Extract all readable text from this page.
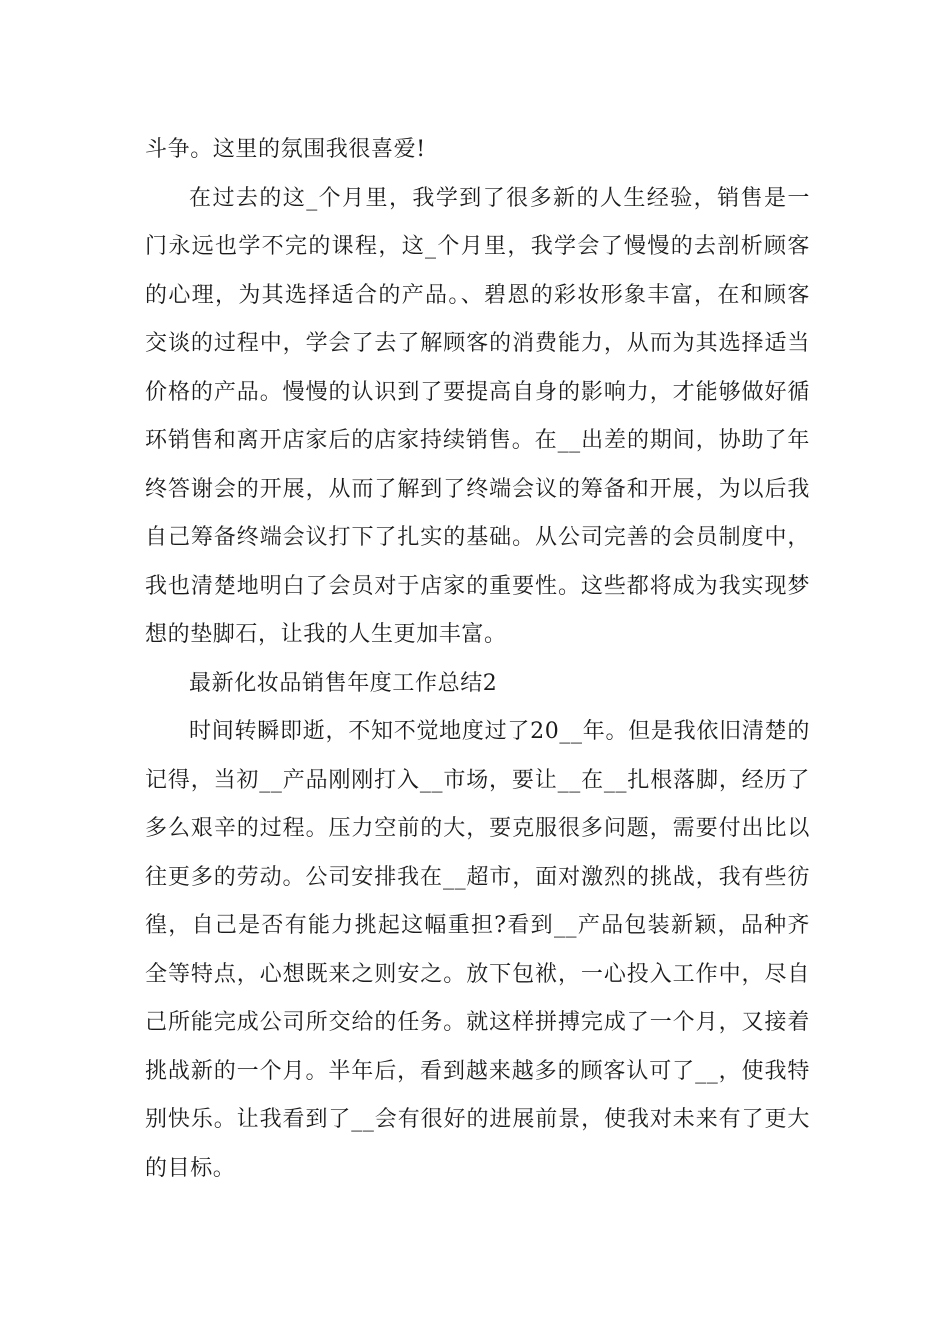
斗争。这里的氛围我很喜爱!

在过去的这_个月里，我学到了很多新的人生经验，销售是一门永远也学不完的课程，这_个月里，我学会了慢慢的去剖析顾客的心理，为其选择适合的产品。、碧恩的彩妆形象丰富，在和顾客交谈的过程中，学会了去了解顾客的消费能力，从而为其选择适当价格的产品。慢慢的认识到了要提高自身的影响力，才能够做好循环销售和离开店家后的店家持续销售。在__出差的期间，协助了年终答谢会的开展，从而了解到了终端会议的筹备和开展，为以后我自己筹备终端会议打下了扎实的基础。从公司完善的会员制度中，我也清楚地明白了会员对于店家的重要性。这些都将成为我实现梦想的垫脚石，让我的人生更加丰富。

最新化妆品销售年度工作总结2

时间转瞬即逝，不知不觉地度过了20__年。但是我依旧清楚的记得，当初__产品刚刚打入__市场，要让__在__扎根落脚，经历了多么艰辛的过程。压力空前的大，要克服很多问题，需要付出比以往更多的劳动。公司安排我在__超市，面对激烈的挑战，我有些彷徨，自己是否有能力挑起这幅重担?看到__产品包装新颖，品种齐全等特点，心想既来之则安之。放下包袱，一心投入工作中，尽自己所能完成公司所交给的任务。就这样拼搏完成了一个月，又接着挑战新的一个月。半年后，看到越来越多的顾客认可了__，使我特别快乐。让我看到了__会有很好的进展前景，使我对未来有了更大的目标。
